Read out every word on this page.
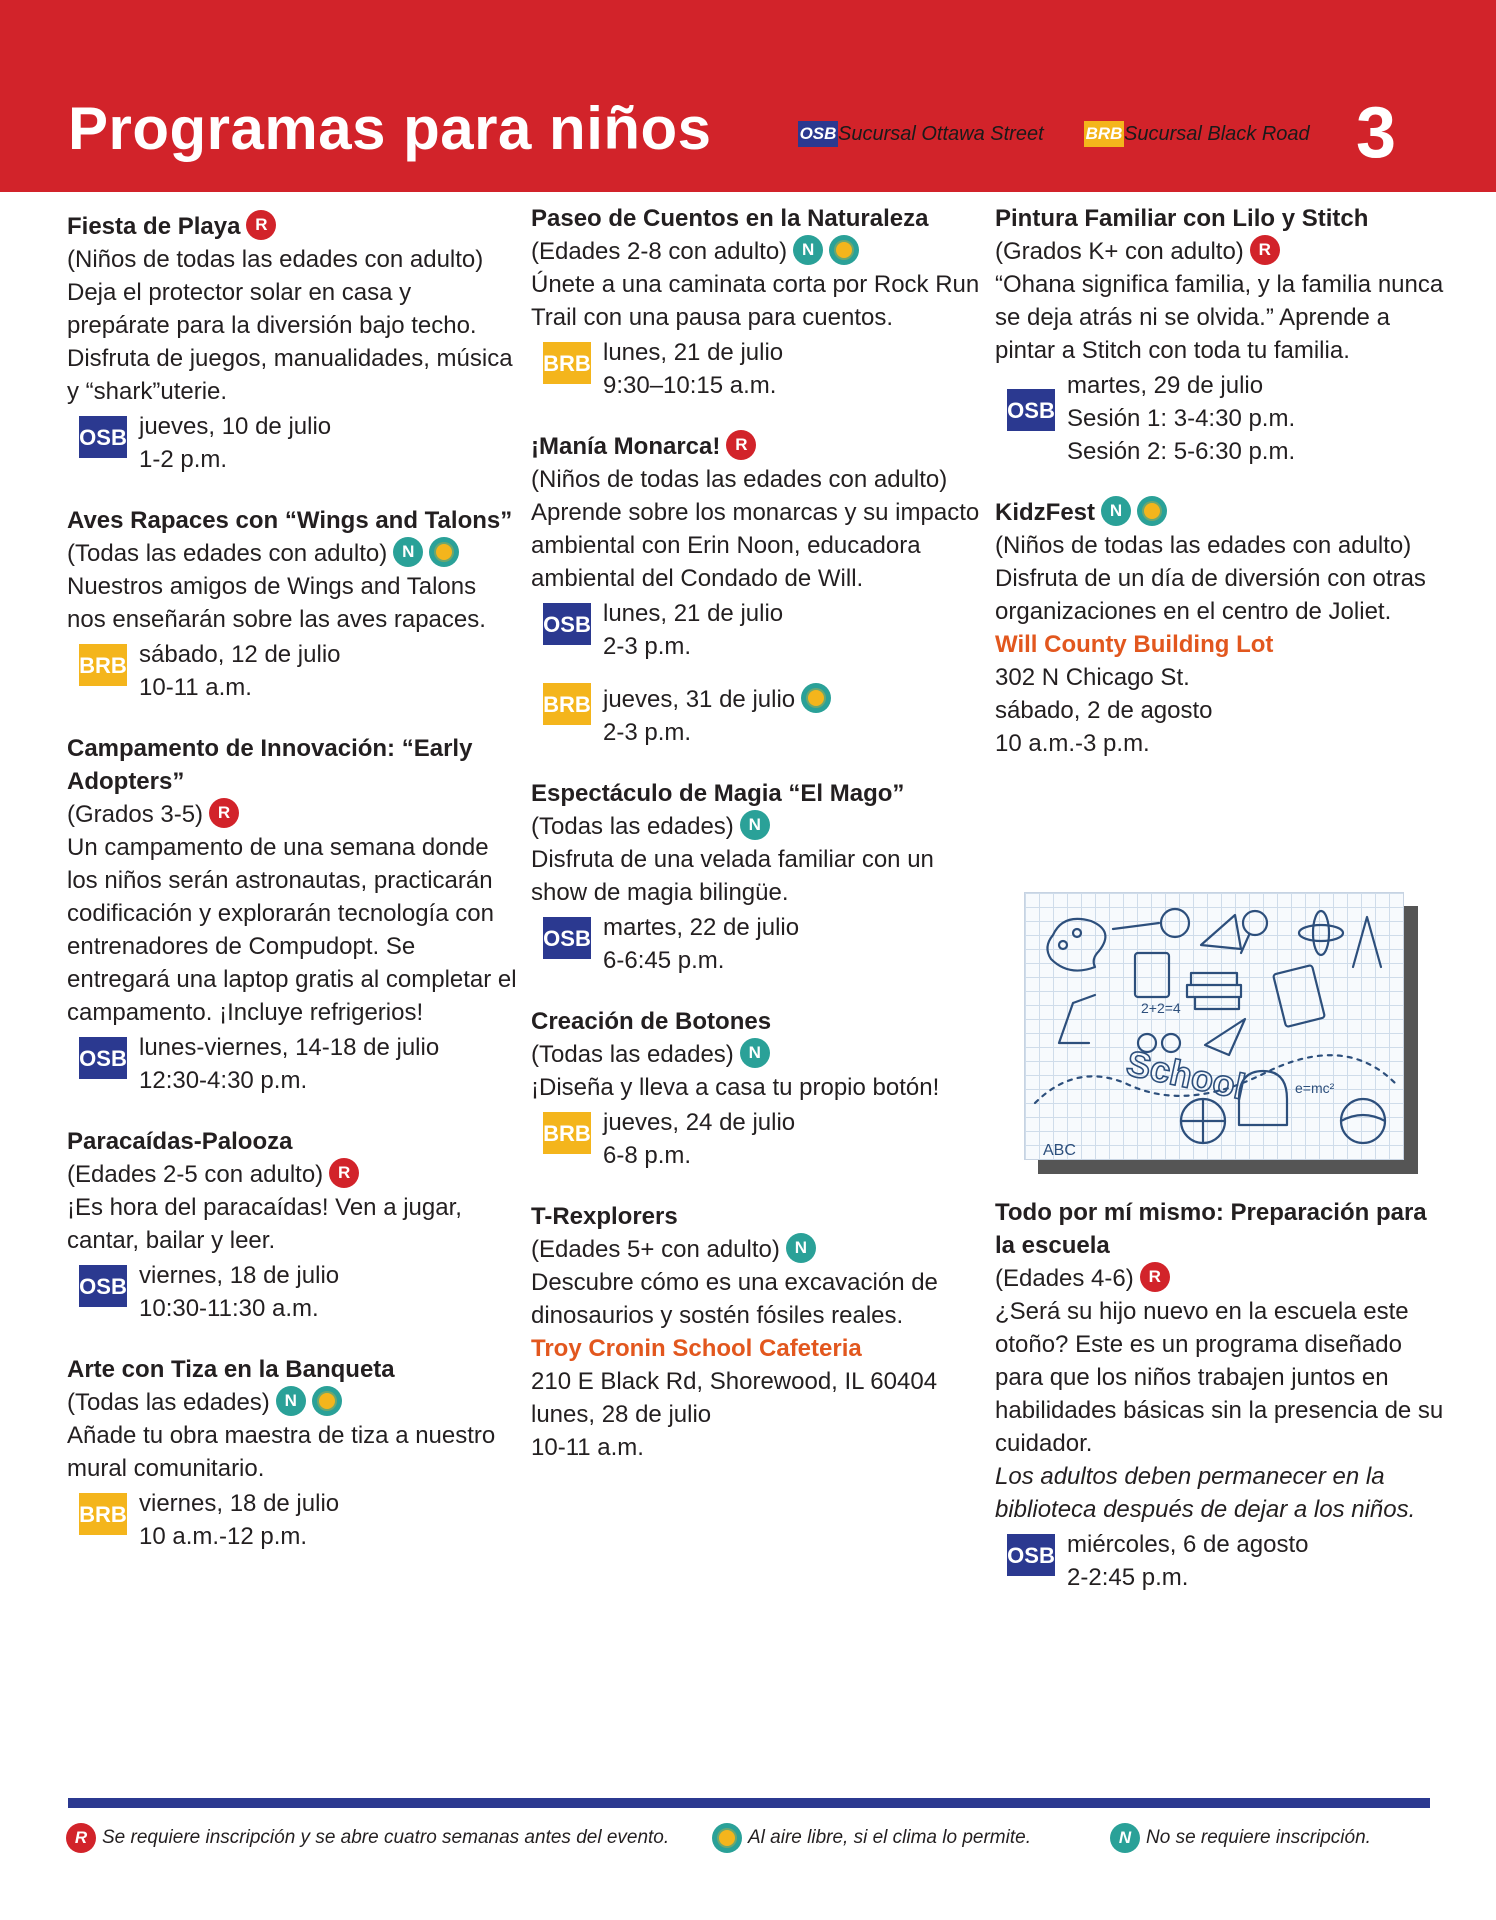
Programas para niños	OSB Sucursal Ottawa Street BRB Sucursal Black Road 3
Fiesta de Playa R
(Niños de todas las edades con adulto)
Deja el protector solar en casa y prepárate para la diversión bajo techo. Disfruta de juegos, manualidades, música y “shark”uterie.
OSB jueves, 10 de julio
1-2 p.m.
Aves Rapaces con “Wings and Talons”
(Todas las edades con adulto) N
Nuestros amigos de Wings and Talons nos enseñarán sobre las aves rapaces.
BRB sábado, 12 de julio
10-11 a.m.
Campamento de Innovación: “Early Adopters”
(Grados 3-5) R
Un campamento de una semana donde los niños serán astronautas, practicarán codificación y explorarán tecnología con entrenadores de Compudopt. Se entregará una laptop gratis al completar el campamento. ¡Incluye refrigerios!
OSB lunes-viernes, 14-18 de julio
12:30-4:30 p.m.
Paracaídas-Palooza
(Edades 2-5 con adulto) R
¡Es hora del paracaídas! Ven a jugar, cantar, bailar y leer.
OSB viernes, 18 de julio
10:30-11:30 a.m.
Arte con Tiza en la Banqueta
(Todas las edades) N
Añade tu obra maestra de tiza a nuestro mural comunitario.
BRB viernes, 18 de julio
10 a.m.-12 p.m.
Paseo de Cuentos en la Naturaleza
(Edades 2-8 con adulto) N
Únete a una caminata corta por Rock Run Trail con una pausa para cuentos.
BRB lunes, 21 de julio
9:30–10:15 a.m.
¡Manía Monarca! R
(Niños de todas las edades con adulto)
Aprende sobre los monarcas y su impacto ambiental con Erin Noon, educadora ambiental del Condado de Will.
OSB lunes, 21 de julio
2-3 p.m.
BRB jueves, 31 de julio
2-3 p.m.
Espectáculo de Magia “El Mago”
(Todas las edades) N
Disfruta de una velada familiar con un show de magia bilingüe.
OSB martes, 22 de julio
6-6:45 p.m.
Creación de Botones
(Todas las edades) N
¡Diseña y lleva a casa tu propio botón!
BRB jueves, 24 de julio
6-8 p.m.
T-Rexplorers
(Edades 5+ con adulto) N
Descubre cómo es una excavación de dinosaurios y sostén fósiles reales.
Troy Cronin School Cafeteria
210 E Black Rd, Shorewood, IL 60404
lunes, 28 de julio
10-11 a.m.
Pintura Familiar con Lilo y Stitch
(Grados K+ con adulto) R
“Ohana significa familia, y la familia nunca se deja atrás ni se olvida.” Aprende a pintar a Stitch con toda tu familia.
OSB
martes, 29 de julio
Sesión 1: 3-4:30 p.m.
Sesión 2: 5-6:30 p.m.
KidzFest N
(Niños de todas las edades con adulto)
Disfruta de un día de diversión con otras organizaciones en el centro de Joliet.
Will County Building Lot
302 N Chicago St.
sábado, 2 de agosto
10 a.m.-3 p.m.
School
2+2=4
e=mc²
ABC
Todo por mí mismo: Preparación para la escuela
(Edades 4-6) R
¿Será su hijo nuevo en la escuela este otoño? Este es un programa diseñado para que los niños trabajen juntos en habilidades básicas sin la presencia de su cuidador.
Los adultos deben permanecer en la biblioteca después de dejar a los niños.
OSB miércoles, 6 de agosto
2-2:45 p.m.
R Se requiere inscripción y se abre cuatro semanas antes del evento.	Al aire libre, si el clima lo permite.	N No se requiere inscripción.
